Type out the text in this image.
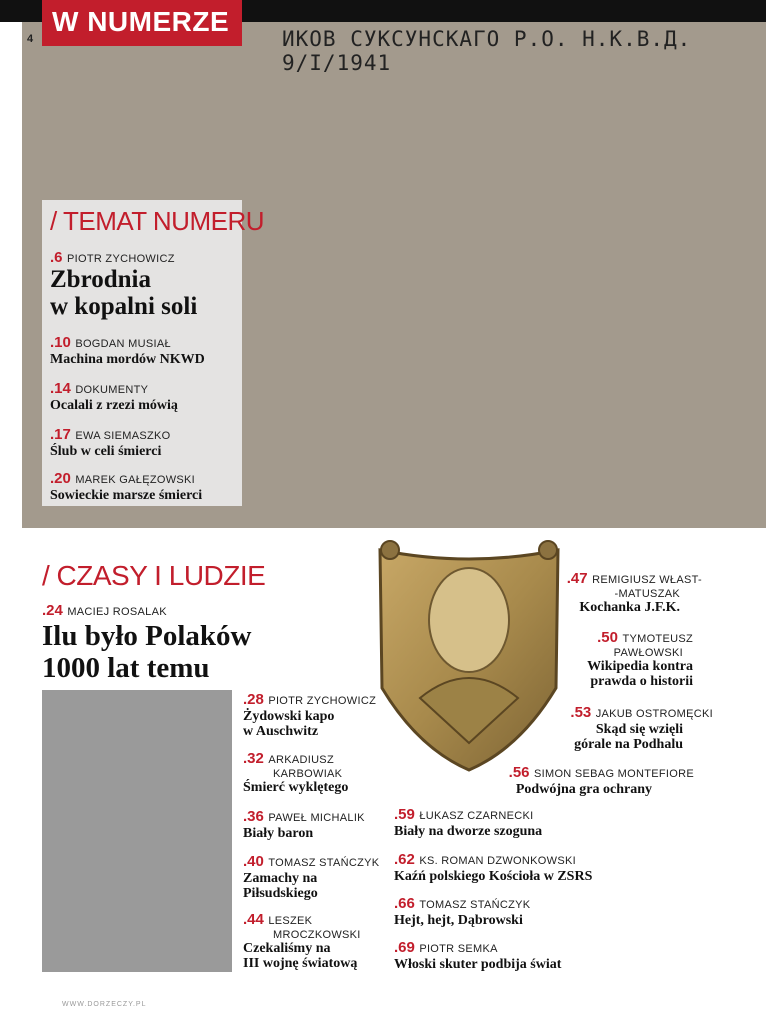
ИКОВ СУКСУНСКАГО Р.О. Н.К.В.Д. 9/I/1941
W NUMERZE
4
/ TEMAT NUMERU
.6 PIOTR ZYCHOWICZ
Zbrodnia
w kopalni soli
.10 BOGDAN MUSIAŁ
Machina mordów NKWD
.14 DOKUMENTY
Ocalali z rzezi mówią
.17 EWA SIEMASZKO
Ślub w celi śmierci
.20 MAREK GAŁĘZOWSKI
Sowieckie marsze śmierci
/ CZASY I LUDZIE
.24 MACIEJ ROSALAK
Ilu było Polaków
1000 lat temu
.28 PIOTR ZYCHOWICZ
Żydowski kapo
w Auschwitz
.32 ARKADIUSZ
KARBOWIAK
Śmierć wyklętego
.36 PAWEŁ MICHALIK
Biały baron
.40 TOMASZ STAŃCZYK
Zamachy na
Piłsudskiego
.44 LESZEK
MROCZKOWSKI
Czekaliśmy na
III wojnę światową
.47 REMIGIUSZ WŁAST-
-MATUSZAK
Kochanka J.F.K.
.50 TYMOTEUSZ
PAWŁOWSKI
Wikipedia kontra
prawda o historii
.53 JAKUB OSTROMĘCKI
Skąd się wzięli
górale na Podhalu
.56 SIMON SEBAG MONTEFIORE
Podwójna gra ochrany
.59 ŁUKASZ CZARNECKI
Biały na dworze szoguna
.62 KS. ROMAN DZWONKOWSKI
Kaźń polskiego Kościoła w ZSRS
.66 TOMASZ STAŃCZYK
Hejt, hejt, Dąbrowski
.69 PIOTR SEMKA
Włoski skuter podbija świat
WWW.DORZECZY.PL
